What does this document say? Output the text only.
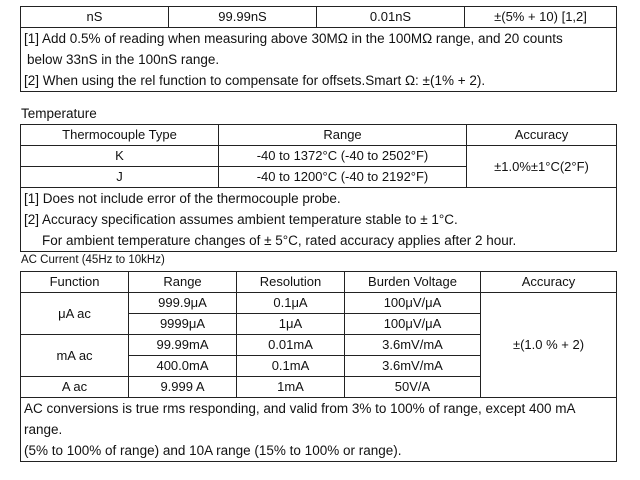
nS	99.99nS	0.01nS	±(5% + 10) [1,2]

[1] Add 0.5% of reading when measuring above 30MΩ in the 100MΩ range, and 20 counts
below 33nS in the 100nS range.
[2] When using the rel function to compensate for offsets.Smart Ω: ±(1% + 2).
Temperature
Thermocouple Type	Range	Accuracy
K	-40 to 1372°C (-40 to 2502°F)	±1.0%±1°C(2°F)
J	-40 to 1200°C (-40 to 2192°F)	

[1] Does not include error of the thermocouple probe.
[2] Accuracy specification assumes ambient temperature stable to ± 1°C.
For ambient temperature changes of ± 5°C, rated accuracy applies after 2 hour.		
AC Current (45Hz to 10kHz)
Function	Range	Resolution	Burden Voltage	Accuracy
μA ac	999.9μA	0.1μA	100μV/μA	±(1.0 % + 2)
	9999μA	1μA	100μV/μA	
mA ac	99.99mA	0.01mA	3.6mV/mA	
	400.0mA	0.1mA	3.6mV/mA	
A ac	9.999 A	1mA	50V/A	

AC conversions is true rms responding, and valid from 3% to 100% of range, except 400 mA
range.
(5% to 100% of range) and 10A range (15% to 100% or range).				
